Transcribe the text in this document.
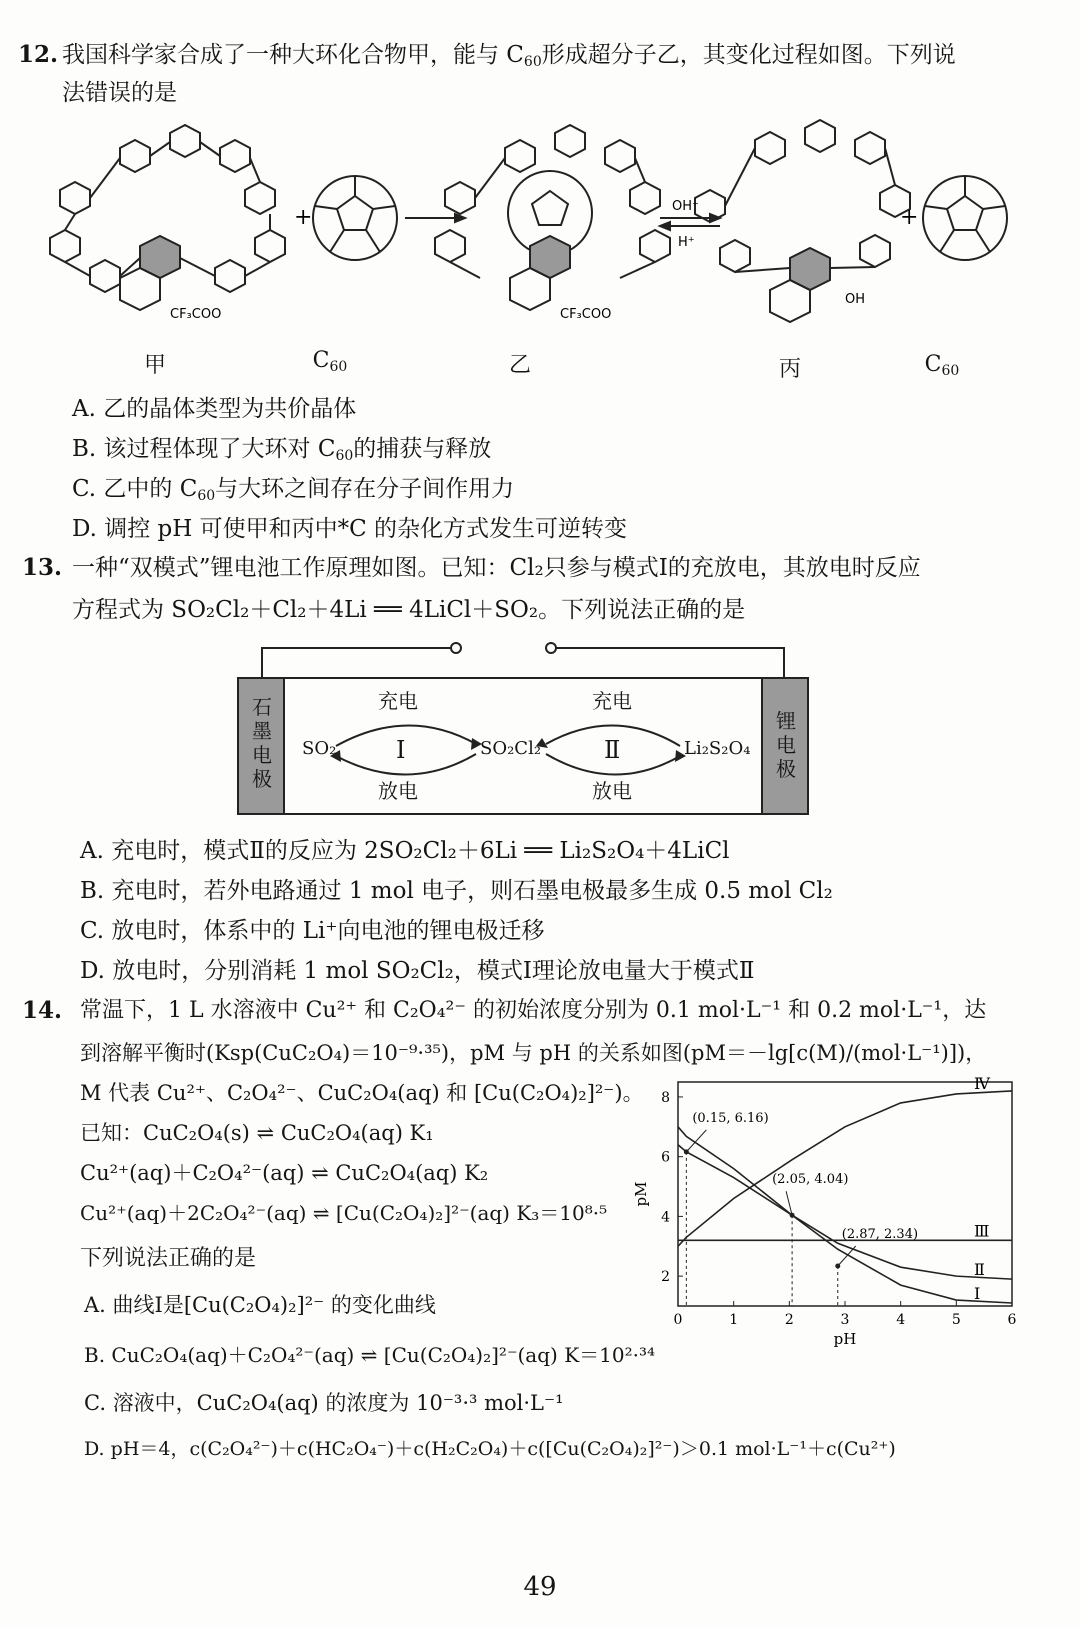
12. 我国科学家合成了一种大环化合物甲，能与 $C_{60}$形成超分子乙，其变化过程如图。下列说
法错误的是
+	+
CF₃COO	CF₃COO
OH⁻
H⁺
OH
甲	$C_{60}$	乙	丙	$C_{60}$
A. 乙的晶体类型为共价晶体
B. 该过程体现了大环对 $C_{60}$的捕获与释放
C. 乙中的 $C_{60}$与大环之间存在分子间作用力
D. 调控 pH 可使甲和丙中*C 的杂化方式发生可逆转变
13. 一种“双模式”锂电池工作原理如图。已知：Cl₂只参与模式Ⅰ的充放电，其放电时反应
方程式为 SO₂Cl₂＋Cl₂＋4Li ══ 4LiCl＋SO₂。下列说法正确的是
石
墨
电
极
锂
电
极
充电
放电
充电
放电
Ⅰ	Ⅱ
SO₂	SO₂Cl₂	Li₂S₂O₄
A. 充电时，模式Ⅱ的反应为 2SO₂Cl₂＋6Li ══ Li₂S₂O₄＋4LiCl
B. 充电时，若外电路通过 1 mol 电子，则石墨电极最多生成 0.5 mol Cl₂
C. 放电时，体系中的 Li⁺向电池的锂电极迁移
D. 放电时，分别消耗 1 mol SO₂Cl₂，模式Ⅰ理论放电量大于模式Ⅱ
14. 常温下，1 L 水溶液中 Cu²⁺ 和 C₂O₄²⁻ 的初始浓度分别为 0.1 mol·L⁻¹ 和 0.2 mol·L⁻¹，达
到溶解平衡时(Ksp(CuC₂O₄)＝10⁻⁹·³⁵)，pM 与 pH 的关系如图(pM＝－lg[c(M)/(mol·L⁻¹)])，
M 代表 Cu²⁺、C₂O₄²⁻、CuC₂O₄(aq) 和 [Cu(C₂O₄)₂]²⁻)。
已知：CuC₂O₄(s) ⇌ CuC₂O₄(aq) K₁
Cu²⁺(aq)＋C₂O₄²⁻(aq) ⇌ CuC₂O₄(aq) K₂
Cu²⁺(aq)＋2C₂O₄²⁻(aq) ⇌ [Cu(C₂O₄)₂]²⁻(aq) K₃＝10⁸·⁵
下列说法正确的是
A. 曲线Ⅰ是[Cu(C₂O₄)₂]²⁻ 的变化曲线
B. CuC₂O₄(aq)＋C₂O₄²⁻(aq) ⇌ [Cu(C₂O₄)₂]²⁻(aq) K＝10²·³⁴
C. 溶液中，CuC₂O₄(aq) 的浓度为 10⁻³·³ mol·L⁻¹
D. pH＝4，c(C₂O₄²⁻)＋c(HC₂O₄⁻)＋c(H₂C₂O₄)＋c([Cu(C₂O₄)₂]²⁻)＞0.1 mol·L⁻¹＋c(Cu²⁺)
0	1	2	3	4	5	6
2
4
6
8
pH
pM
Ⅰ
Ⅱ
Ⅲ
Ⅳ
(0.15, 6.16)
(2.05, 4.04)
(2.87, 2.34)
49
